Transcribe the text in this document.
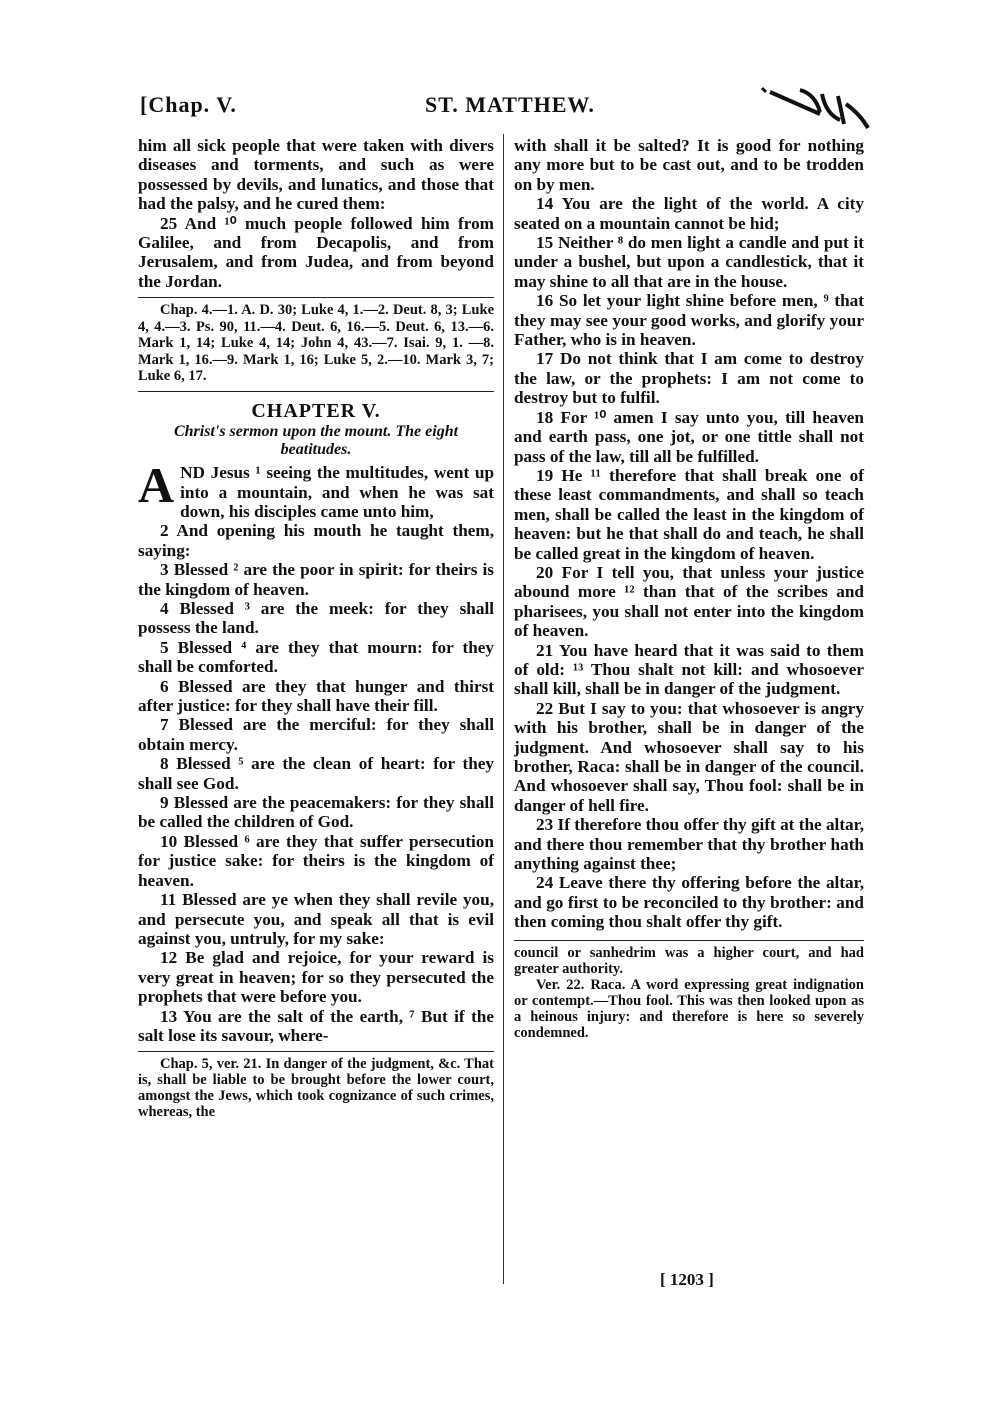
[Chap. V.	ST. MATTHEW.

him all sick people that were taken with divers diseases and torments, and such as were possessed by devils, and lunatics, and those that had the palsy, and he cured them:

25 And ¹⁰ much people followed him from Galilee, and from Decapolis, and from Jerusalem, and from Judea, and from beyond the Jordan.

Chap. 4.—1. A. D. 30; Luke 4, 1.—2. Deut. 8, 3; Luke 4, 4.—3. Ps. 90, 11.—4. Deut. 6, 16.—5. Deut. 6, 13.—6. Mark 1, 14; Luke 4, 14; John 4, 43.—7. Isai. 9, 1. —8. Mark 1, 16.—9. Mark 1, 16; Luke 5, 2.—10. Mark 3, 7; Luke 6, 17.
CHAPTER V.
Christ's sermon upon the mount. The eight beatitudes.

AND Jesus ¹ seeing the multitudes, went up into a mountain, and when he was sat down, his disciples came unto him,

2 And opening his mouth he taught them, saying:

3 Blessed ² are the poor in spirit: for theirs is the kingdom of heaven.

4 Blessed ³ are the meek: for they shall possess the land.

5 Blessed ⁴ are they that mourn: for they shall be comforted.

6 Blessed are they that hunger and thirst after justice: for they shall have their fill.

7 Blessed are the merciful: for they shall obtain mercy.

8 Blessed ⁵ are the clean of heart: for they shall see God.

9 Blessed are the peacemakers: for they shall be called the children of God.

10 Blessed ⁶ are they that suffer persecution for justice sake: for theirs is the kingdom of heaven.

11 Blessed are ye when they shall revile you, and persecute you, and speak all that is evil against you, untruly, for my sake:

12 Be glad and rejoice, for your reward is very great in heaven; for so they persecuted the prophets that were before you.

13 You are the salt of the earth, ⁷ But if the salt lose its savour, where-

Chap. 5, ver. 21. In danger of the judgment, &c. That is, shall be liable to be brought before the lower court, amongst the Jews, which took cognizance of such crimes, whereas, the

with shall it be salted? It is good for nothing any more but to be cast out, and to be trodden on by men.

14 You are the light of the world. A city seated on a mountain cannot be hid;

15 Neither ⁸ do men light a candle and put it under a bushel, but upon a candlestick, that it may shine to all that are in the house.

16 So let your light shine before men, ⁹ that they may see your good works, and glorify your Father, who is in heaven.

17 Do not think that I am come to destroy the law, or the prophets: I am not come to destroy but to fulfil.

18 For ¹⁰ amen I say unto you, till heaven and earth pass, one jot, or one tittle shall not pass of the law, till all be fulfilled.

19 He ¹¹ therefore that shall break one of these least commandments, and shall so teach men, shall be called the least in the kingdom of heaven: but he that shall do and teach, he shall be called great in the kingdom of heaven.

20 For I tell you, that unless your justice abound more ¹² than that of the scribes and pharisees, you shall not enter into the kingdom of heaven.

21 You have heard that it was said to them of old: ¹³ Thou shalt not kill: and whosoever shall kill, shall be in danger of the judgment.

22 But I say to you: that whosoever is angry with his brother, shall be in danger of the judgment. And whosoever shall say to his brother, Raca: shall be in danger of the council. And whosoever shall say, Thou fool: shall be in danger of hell fire.

23 If therefore thou offer thy gift at the altar, and there thou remember that thy brother hath anything against thee;

24 Leave there thy offering before the altar, and go first to be reconciled to thy brother: and then coming thou shalt offer thy gift.

council or sanhedrim was a higher court, and had greater authority.

Ver. 22. Raca. A word expressing great indignation or contempt.—Thou fool. This was then looked upon as a heinous injury: and therefore is here so severely condemned.

[ 1203 ]
